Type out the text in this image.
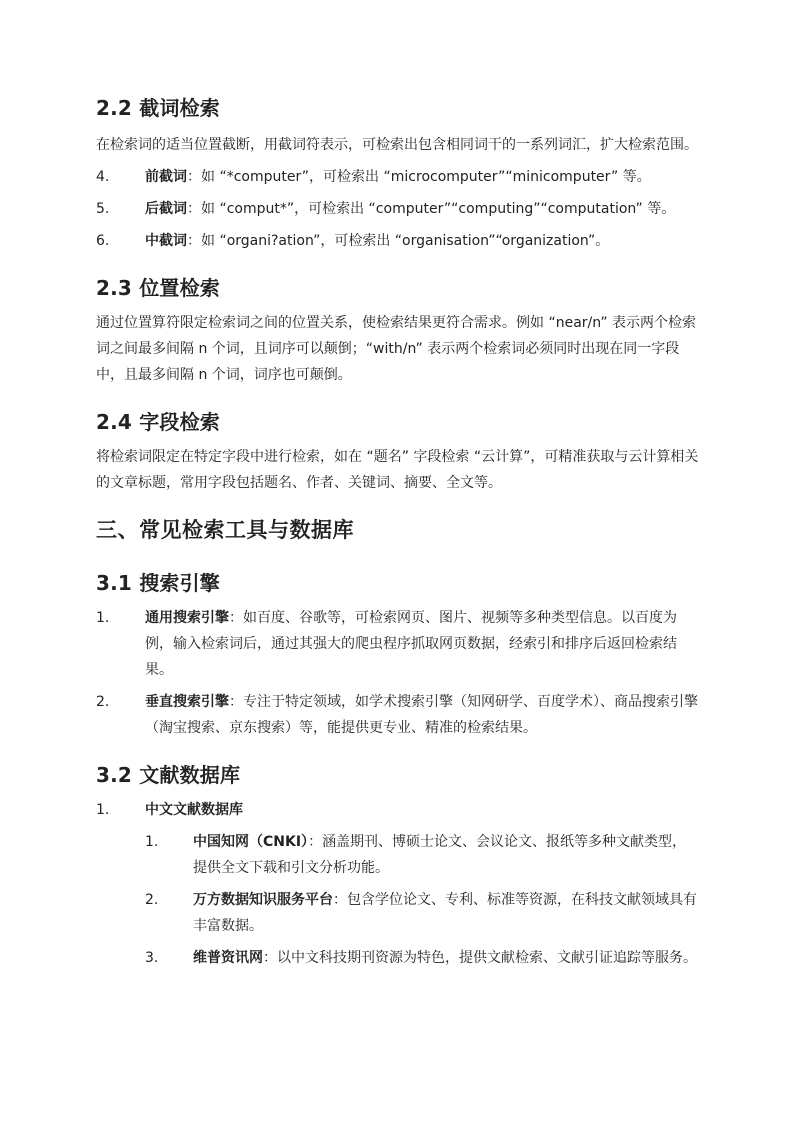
2.2 截词检索

在检索词的适当位置截断，用截词符表示，可检索出包含相同词干的一系列词汇，扩大检索范围。

4.	前截词：如 “*computer”，可检索出 “microcomputer”“minicomputer” 等。
5.	后截词：如 “comput*”，可检索出 “computer”“computing”“computation” 等。
6.	中截词：如 “organi?ation”，可检索出 “organisation”“organization”。
2.3 位置检索

通过位置算符限定检索词之间的位置关系，使检索结果更符合需求。例如 “near/n” 表示两个检索词之间最多间隔 n 个词，且词序可以颠倒；“with/n” 表示两个检索词必须同时出现在同一字段中，且最多间隔 n 个词，词序也可颠倒。

2.4 字段检索

将检索词限定在特定字段中进行检索，如在 “题名” 字段检索 “云计算”，可精准获取与云计算相关的文章标题，常用字段包括题名、作者、关键词、摘要、全文等。

三、常见检索工具与数据库
3.1 搜索引擎
1.	通用搜索引擎：如百度、谷歌等，可检索网页、图片、视频等多种类型信息。以百度为例，输入检索词后，通过其强大的爬虫程序抓取网页数据，经索引和排序后返回检索结果。
2.	垂直搜索引擎：专注于特定领域，如学术搜索引擎（知网研学、百度学术）、商品搜索引擎（淘宝搜索、京东搜索）等，能提供更专业、精准的检索结果。
3.2 文献数据库
1.	中文文献数据库
1. 中国知网（CNKI）：涵盖期刊、博硕士论文、会议论文、报纸等多种文献类型，提供全文下载和引文分析功能。
2. 万方数据知识服务平台：包含学位论文、专利、标准等资源，在科技文献领域具有丰富数据。
3. 维普资讯网：以中文科技期刊资源为特色，提供文献检索、文献引证追踪等服务。
